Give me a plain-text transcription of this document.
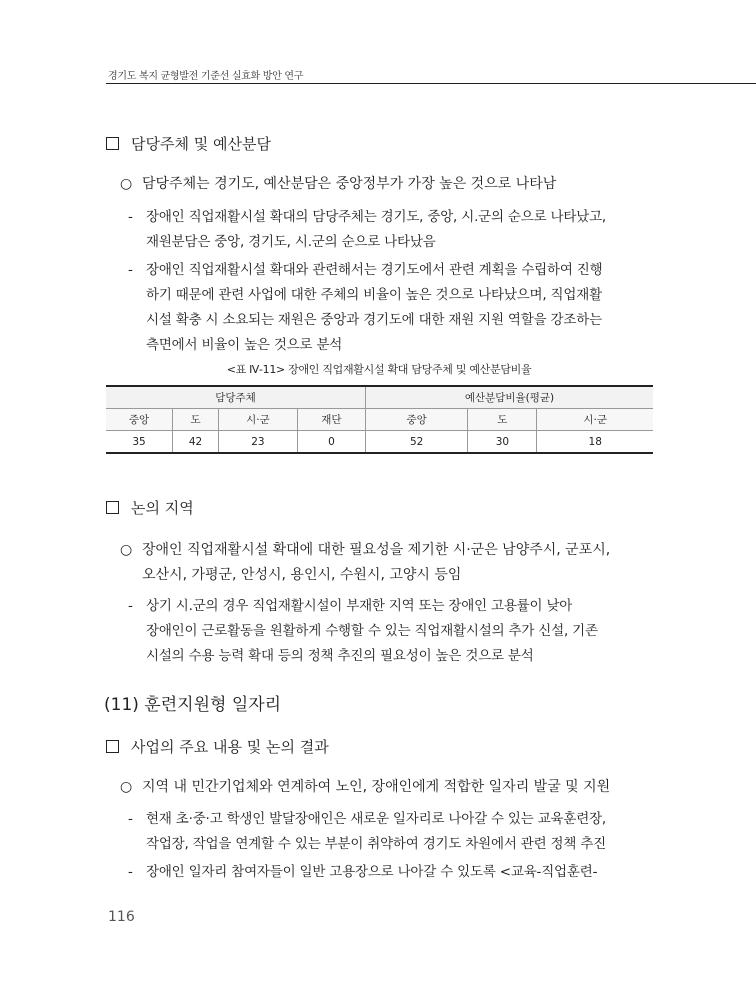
경기도 복지 균형발전 기준선 실효화 방안 연구
담당주체 및 예산분담
○ 담당주체는 경기도, 예산분담은 중앙정부가 가장 높은 것으로 나타남
- 장애인 직업재활시설 확대의 담당주체는 경기도, 중앙, 시.군의 순으로 나타났고,
재원분담은 중앙, 경기도, 시.군의 순으로 나타났음
- 장애인 직업재활시설 확대와 관련해서는 경기도에서 관련 계획을 수립하여 진행
하기 때문에 관련 사업에 대한 주체의 비율이 높은 것으로 나타났으며, 직업재활
시설 확충 시 소요되는 재원은 중앙과 경기도에 대한 재원 지원 역할을 강조하는
측면에서 비율이 높은 것으로 분석
<표 Ⅳ-11> 장애인 직업재활시설 확대 담당주체 및 예산분담비율
담당주체				예산분담비율(평균)		
중앙	도	시·군	재단	중앙	도	시·군
35	42	23	0	52	30	18
논의 지역
○ 장애인 직업재활시설 확대에 대한 필요성을 제기한 시·군은 남양주시, 군포시,
오산시, 가평군, 안성시, 용인시, 수원시, 고양시 등임
- 상기 시.군의 경우 직업재활시설이 부재한 지역 또는 장애인 고용률이 낮아
장애인이 근로활동을 원활하게 수행할 수 있는 직업재활시설의 추가 신설, 기존
시설의 수용 능력 확대 등의 정책 추진의 필요성이 높은 것으로 분석
(11) 훈련지원형 일자리
사업의 주요 내용 및 논의 결과
○ 지역 내 민간기업체와 연계하여 노인, 장애인에게 적합한 일자리 발굴 및 지원
- 현재 초·중·고 학생인 발달장애인은 새로운 일자리로 나아갈 수 있는 교육훈련장,
작업장, 작업을 연계할 수 있는 부분이 취약하여 경기도 차원에서 관련 정책 추진
- 장애인 일자리 참여자들이 일반 고용장으로 나아갈 수 있도록 <교육-직업훈련-
116
